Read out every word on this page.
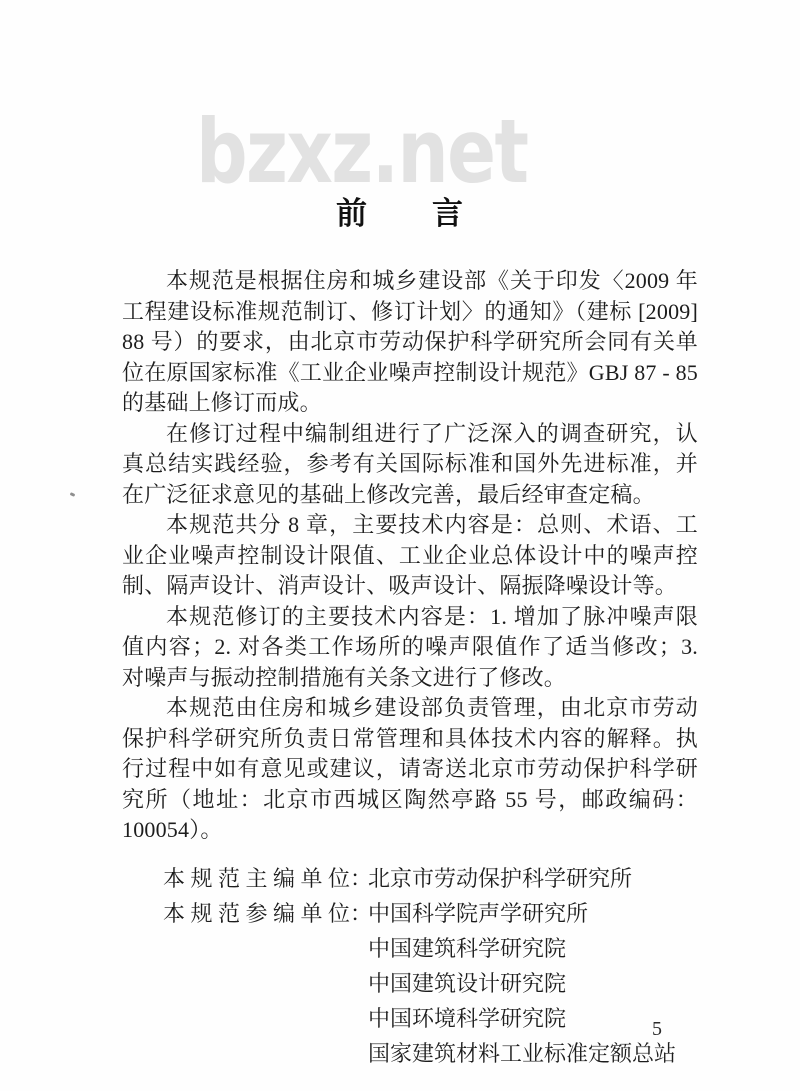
bzxz.net
前　　言

本规范是根据住房和城乡建设部《关于印发〈2009 年工程建设标准规范制订、修订计划〉的通知》（建标 [2009] 88 号）的要求，由北京市劳动保护科学研究所会同有关单位在原国家标准《工业企业噪声控制设计规范》GBJ 87 - 85 的基础上修订而成。

在修订过程中编制组进行了广泛深入的调查研究，认真总结实践经验，参考有关国际标准和国外先进标准，并在广泛征求意见的基础上修改完善，最后经审查定稿。

本规范共分 8 章，主要技术内容是：总则、术语、工业企业噪声控制设计限值、工业企业总体设计中的噪声控制、隔声设计、消声设计、吸声设计、隔振降噪设计等。

本规范修订的主要技术内容是：1. 增加了脉冲噪声限值内容；2. 对各类工作场所的噪声限值作了适当修改；3. 对噪声与振动控制措施有关条文进行了修改。

本规范由住房和城乡建设部负责管理，由北京市劳动保护科学研究所负责日常管理和具体技术内容的解释。执行过程中如有意见或建议，请寄送北京市劳动保护科学研究所（地址：北京市西城区陶然亭路 55 号，邮政编码：100054）。

本 规 范 主 编 单 位：北京市劳动保护科学研究所
本 规 范 参 编 单 位：中国科学院声学研究所
中国建筑科学研究院
中国建筑设计研究院
中国环境科学研究院
国家建筑材料工业标准定额总站
5
